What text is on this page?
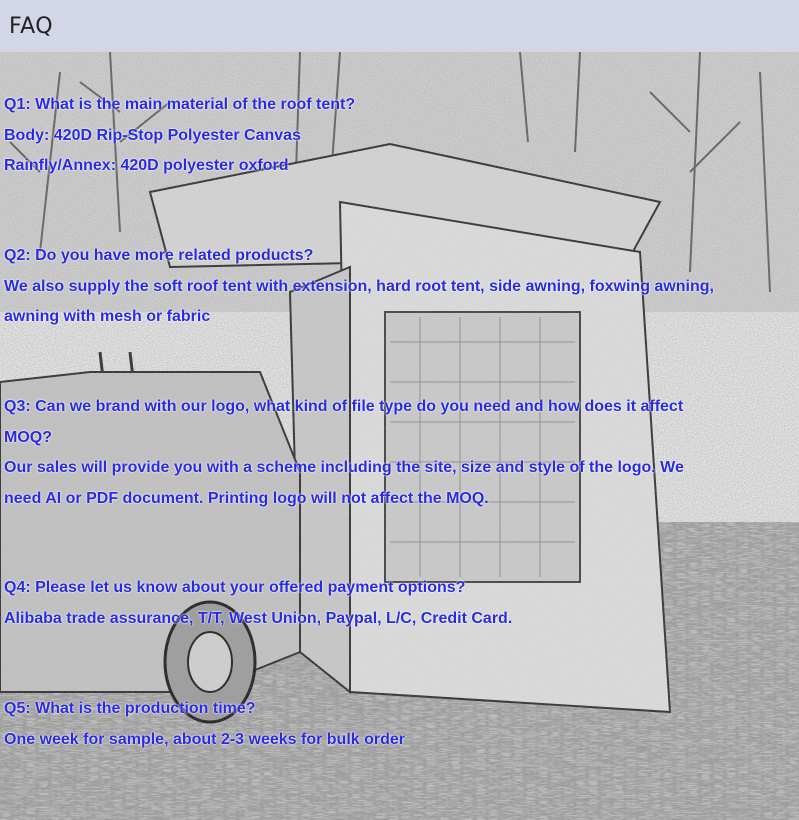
FAQ
Q1: What is the main material of the roof tent?
Body: 420D Rip-Stop Polyester Canvas
Rainfly/Annex: 420D polyester oxford
Q2: Do you have more related products?
We also supply the soft roof tent with extension, hard root tent, side awning, foxwing awning,
awning with mesh or fabric
Q3: Can we brand with our logo, what kind of file type do you need and how does it affect
MOQ?
Our sales will provide you with a scheme including the site, size and style of the logo. We
need AI or PDF document. Printing logo will not affect the MOQ.
Q4: Please let us know about your offered payment options?
Alibaba trade assurance, T/T, West Union, Paypal, L/C, Credit Card.
Q5: What is the production time?
One week for sample, about 2-3 weeks for bulk order
